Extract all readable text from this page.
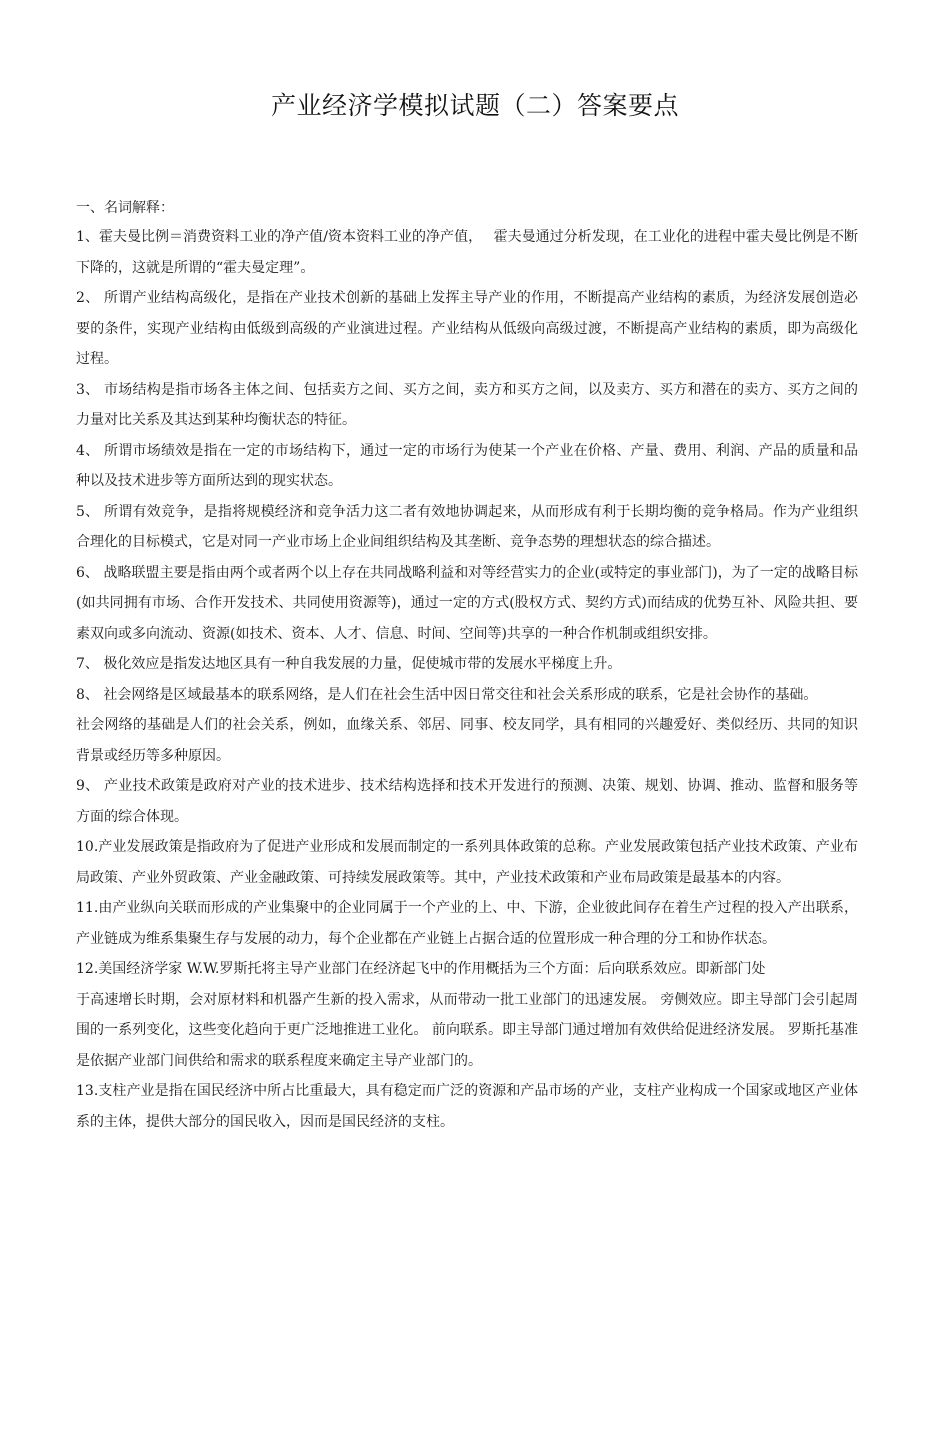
产业经济学模拟试题（二）答案要点

一、名词解释：

1、霍夫曼比例＝消费资料工业的净产值/资本资料工业的净产值，　 霍夫曼通过分析发现，在工业化的进程中霍夫曼比例是不断下降的，这就是所谓的“霍夫曼定理”。

2、 所谓产业结构高级化，是指在产业技术创新的基础上发挥主导产业的作用，不断提高产业结构的素质，为经济发展创造必要的条件，实现产业结构由低级到高级的产业演进过程。产业结构从低级向高级过渡，不断提高产业结构的素质，即为高级化过程。

3、 市场结构是指市场各主体之间、包括卖方之间、买方之间，卖方和买方之间，以及卖方、买方和潜在的卖方、买方之间的力量对比关系及其达到某种均衡状态的特征。

4、 所谓市场绩效是指在一定的市场结构下，通过一定的市场行为使某一个产业在价格、产量、费用、利润、产品的质量和品种以及技术进步等方面所达到的现实状态。

5、 所谓有效竞争，是指将规模经济和竞争活力这二者有效地协调起来，从而形成有利于长期均衡的竞争格局。作为产业组织合理化的目标模式，它是对同一产业市场上企业间组织结构及其垄断、竞争态势的理想状态的综合描述。

6、 战略联盟主要是指由两个或者两个以上存在共同战略利益和对等经营实力的企业(或特定的事业部门)，为了一定的战略目标(如共同拥有市场、合作开发技术、共同使用资源等)，通过一定的方式(股权方式、契约方式)而结成的优势互补、风险共担、要素双向或多向流动、资源(如技术、资本、人才、信息、时间、空间等)共享的一种合作机制或组织安排。

7、 极化效应是指发达地区具有一种自我发展的力量，促使城市带的发展水平梯度上升。

8、 社会网络是区域最基本的联系网络，是人们在社会生活中因日常交往和社会关系形成的联系，它是社会协作的基础。

社会网络的基础是人们的社会关系，例如，血缘关系、邻居、同事、校友同学，具有相同的兴趣爱好、类似经历、共同的知识背景或经历等多种原因。

9、 产业技术政策是政府对产业的技术进步、技术结构选择和技术开发进行的预测、决策、规划、协调、推动、监督和服务等方面的综合体现。

10.产业发展政策是指政府为了促进产业形成和发展而制定的一系列具体政策的总称。产业发展政策包括产业技术政策、产业布局政策、产业外贸政策、产业金融政策、可持续发展政策等。其中，产业技术政策和产业布局政策是最基本的内容。

11.由产业纵向关联而形成的产业集聚中的企业同属于一个产业的上、中、下游，企业彼此间存在着生产过程的投入产出联系，产业链成为维系集聚生存与发展的动力，每个企业都在产业链上占据合适的位置形成一种合理的分工和协作状态。

12.美国经济学家 W.W.罗斯托将主导产业部门在经济起飞中的作用概括为三个方面：后向联系效应。即新部门处

于高速增长时期，会对原材料和机器产生新的投入需求，从而带动一批工业部门的迅速发展。 旁侧效应。即主导部门会引起周围的一系列变化，这些变化趋向于更广泛地推进工业化。 前向联系。即主导部门通过增加有效供给促进经济发展。 罗斯托基准是依据产业部门间供给和需求的联系程度来确定主导产业部门的。

13.支柱产业是指在国民经济中所占比重最大，具有稳定而广泛的资源和产品市场的产业，支柱产业构成一个国家或地区产业体系的主体，提供大部分的国民收入，因而是国民经济的支柱。
